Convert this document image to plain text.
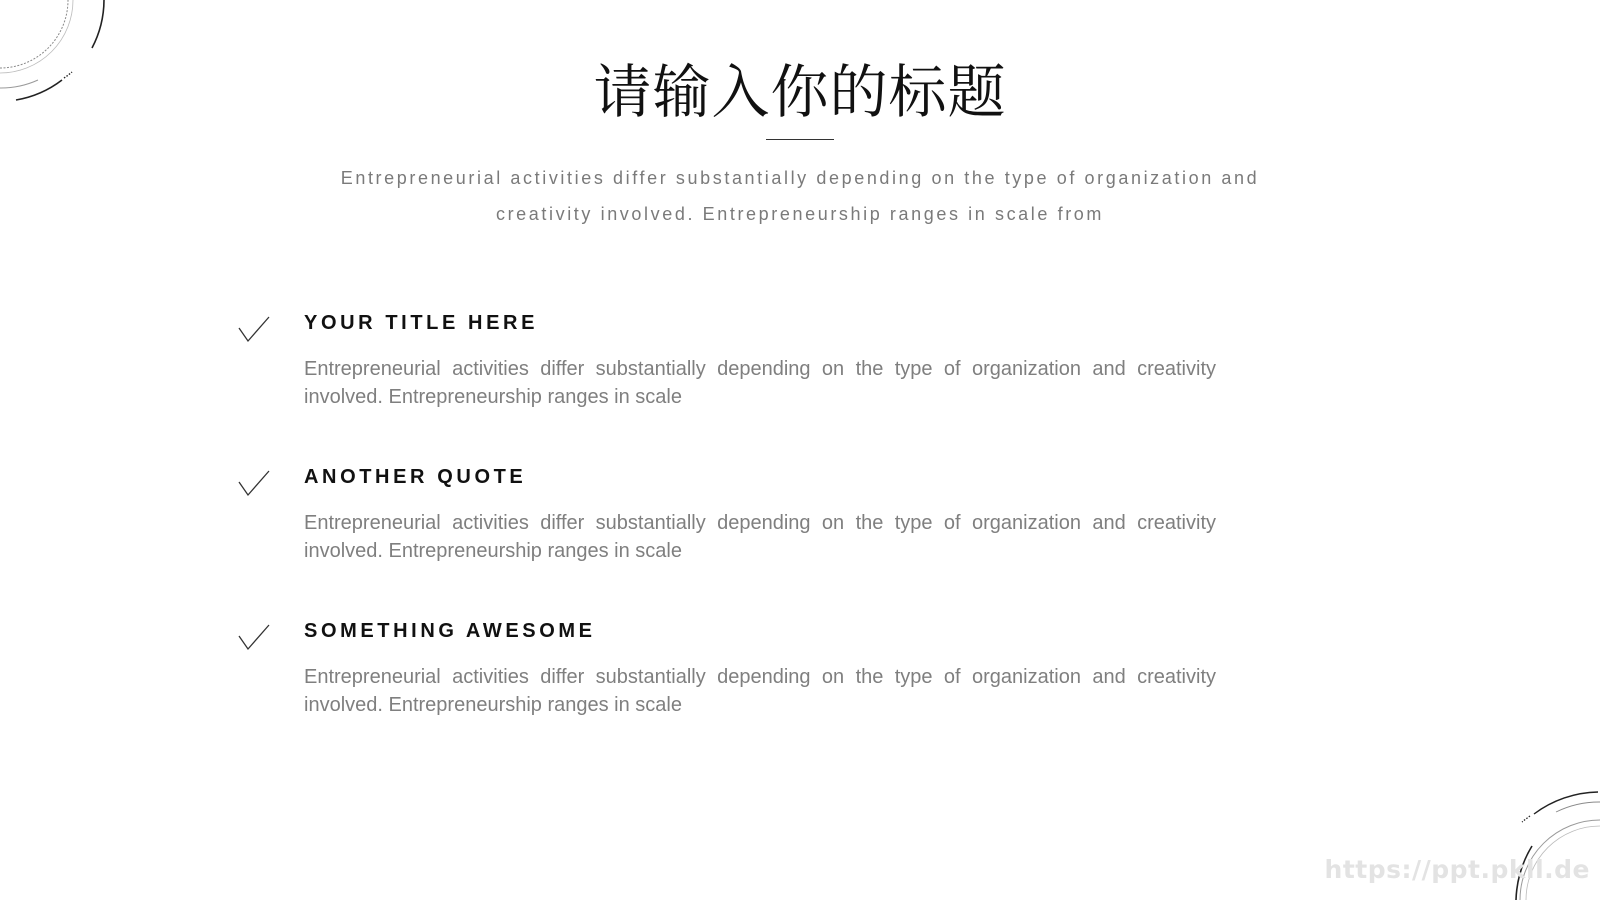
请输入你的标题
Entrepreneurial activities differ substantially depending on the type of organization and creativity involved. Entrepreneurship ranges in scale from
YOUR TITLE HERE
Entrepreneurial activities differ substantially depending on the type of organization and creativity involved. Entrepreneurship ranges in scale
ANOTHER QUOTE
Entrepreneurial activities differ substantially depending on the type of organization and creativity involved. Entrepreneurship ranges in scale
SOMETHING AWESOME
Entrepreneurial activities differ substantially depending on the type of organization and creativity involved. Entrepreneurship ranges in scale
https://ppt.pkll.de
